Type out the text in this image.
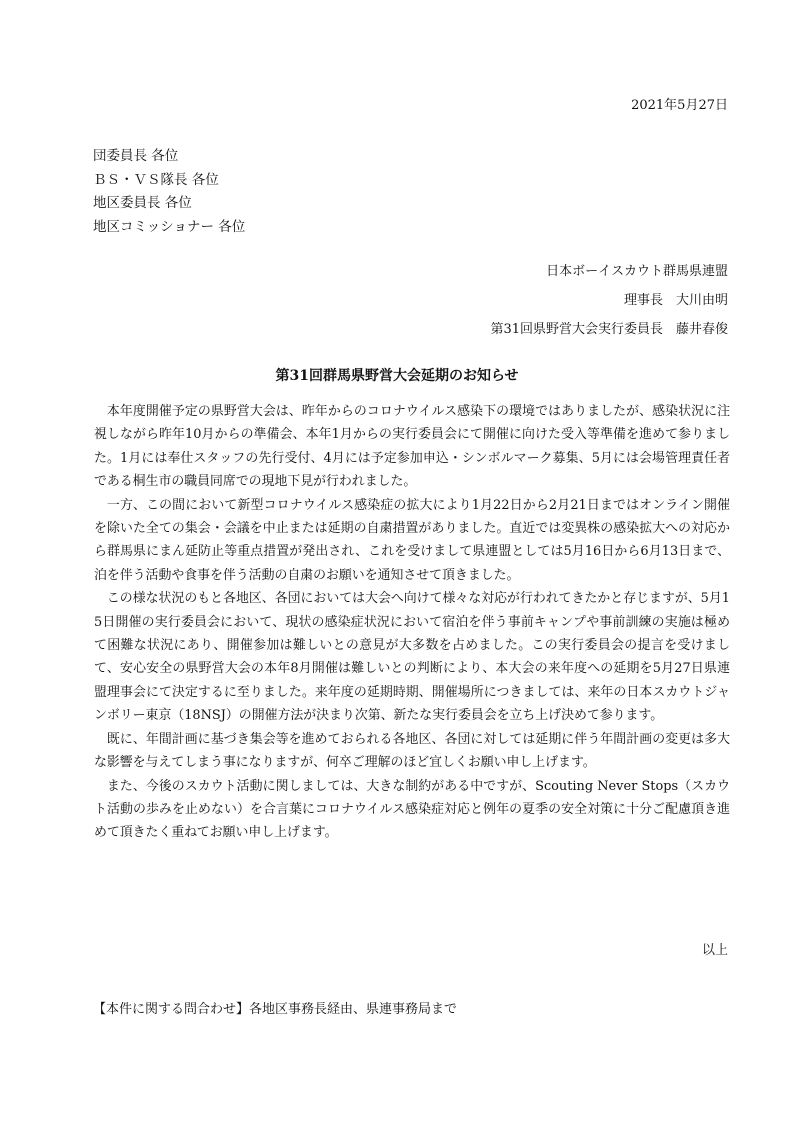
2021年5月27日
団委員長 各位
ＢＳ・ＶＳ隊長 各位
地区委員長 各位
地区コミッショナー 各位
日本ボーイスカウト群馬県連盟
理事長　大川由明
第31回県野営大会実行委員長　藤井春俊
第31回群馬県野営大会延期のお知らせ

本年度開催予定の県野営大会は、昨年からのコロナウイルス感染下の環境ではありましたが、感染状況に注視しながら昨年10月からの準備会、本年1月からの実行委員会にて開催に向けた受入等準備を進めて参りました。1月には奉仕スタッフの先行受付、4月には予定参加申込・シンボルマーク募集、5月には会場管理責任者である桐生市の職員同席での現地下見が行われました。

一方、この間において新型コロナウイルス感染症の拡大により1月22日から2月21日まではオンライン開催を除いた全ての集会・会議を中止または延期の自粛措置がありました。直近では変異株の感染拡大への対応から群馬県にまん延防止等重点措置が発出され、これを受けまして県連盟としては5月16日から6月13日まで、泊を伴う活動や食事を伴う活動の自粛のお願いを通知させて頂きました。

この様な状況のもと各地区、各団においては大会へ向けて様々な対応が行われてきたかと存じますが、5月15日開催の実行委員会において、現状の感染症状況において宿泊を伴う事前キャンプや事前訓練の実施は極めて困難な状況にあり、開催参加は難しいとの意見が大多数を占めました。この実行委員会の提言を受けまして、安心安全の県野営大会の本年8月開催は難しいとの判断により、本大会の来年度への延期を5月27日県連盟理事会にて決定するに至りました。来年度の延期時期、開催場所につきましては、来年の日本スカウトジャンボリー東京（18NSJ）の開催方法が決まり次第、新たな実行委員会を立ち上げ決めて参ります。

既に、年間計画に基づき集会等を進めておられる各地区、各団に対しては延期に伴う年間計画の変更は多大な影響を与えてしまう事になりますが、何卒ご理解のほど宜しくお願い申し上げます。

また、今後のスカウト活動に関しましては、大きな制約がある中ですが、Scouting Never Stops（スカウト活動の歩みを止めない）を合言葉にコロナウイルス感染症対応と例年の夏季の安全対策に十分ご配慮頂き進めて頂きたく重ねてお願い申し上げます。

以上
【本件に関する問合わせ】各地区事務長経由、県連事務局まで
